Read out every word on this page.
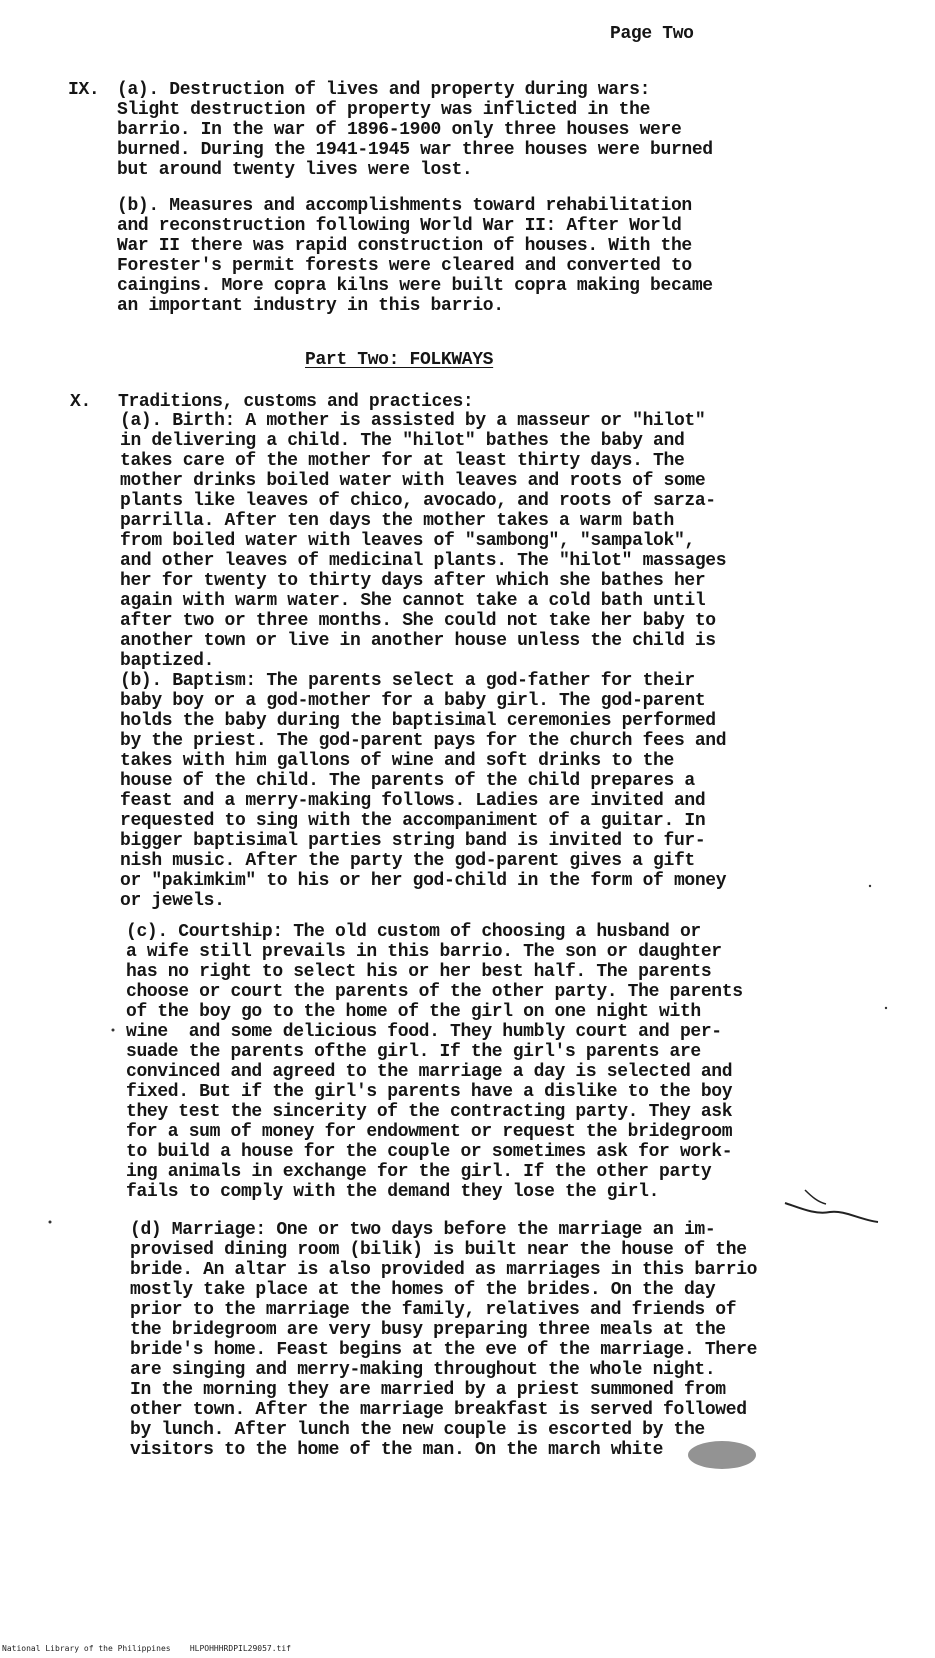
Page Two
IX. (a). Destruction of lives and property during wars:
Slight destruction of property was inflicted in the
barrio. In the war of 1896-1900 only three houses were
burned. During the 1941-1945 war three houses were burned
but around twenty lives were lost.
(b). Measures and accomplishments toward rehabilitation
and reconstruction following World War II: After World
War II there was rapid construction of houses. With the
Forester's permit forests were cleared and converted to
caingins. More copra kilns were built copra making became
an important industry in this barrio.
Part Two: FOLKWAYS
X. Traditions, customs and practices:
(a). Birth: A mother is assisted by a masseur or "hilot"
in delivering a child. The "hilot" bathes the baby and
takes care of the mother for at least thirty days. The
mother drinks boiled water with leaves and roots of some
plants like leaves of chico, avocado, and roots of sarza-
parrilla. After ten days the mother takes a warm bath
from boiled water with leaves of "sambong", "sampalok",
and other leaves of medicinal plants. The "hilot" massages
her for twenty to thirty days after which she bathes her
again with warm water. She cannot take a cold bath until
after two or three months. She could not take her baby to
another town or live in another house unless the child is
baptized.
(b). Baptism: The parents select a god-father for their
baby boy or a god-mother for a baby girl. The god-parent
holds the baby during the baptisimal ceremonies performed
by the priest. The god-parent pays for the church fees and
takes with him gallons of wine and soft drinks to the
house of the child. The parents of the child prepares a
feast and a merry-making follows. Ladies are invited and
requested to sing with the accompaniment of a guitar. In
bigger baptisimal parties string band is invited to fur-
nish music. After the party the god-parent gives a gift
or "pakimkim" to his or her god-child in the form of money
or jewels.
(c). Courtship: The old custom of choosing a husband or
a wife still prevails in this barrio. The son or daughter
has no right to select his or her best half. The parents
choose or court the parents of the other party. The parents
of the boy go to the home of the girl on one night with
wine  and some delicious food. They humbly court and per-
suade the parents ofthe girl. If the girl's parents are
convinced and agreed to the marriage a day is selected and
fixed. But if the girl's parents have a dislike to the boy
they test the sincerity of the contracting party. They ask
for a sum of money for endowment or request the bridegroom
to build a house for the couple or sometimes ask for work-
ing animals in exchange for the girl. If the other party
fails to comply with the demand they lose the girl.
(d) Marriage: One or two days before the marriage an im-
provised dining room (bilik) is built near the house of the
bride. An altar is also provided as marriages in this barrio
mostly take place at the homes of the brides. On the day
prior to the marriage the family, relatives and friends of
the bridegroom are very busy preparing three meals at the
bride's home. Feast begins at the eve of the marriage. There
are singing and merry-making throughout the whole night.
In the morning they are married by a priest summoned from
other town. After the marriage breakfast is served followed
by lunch. After lunch the new couple is escorted by the
visitors to the home of the man. On the march white
National Library of the Philippines    HLPOHHHRDPIL29057.tif
